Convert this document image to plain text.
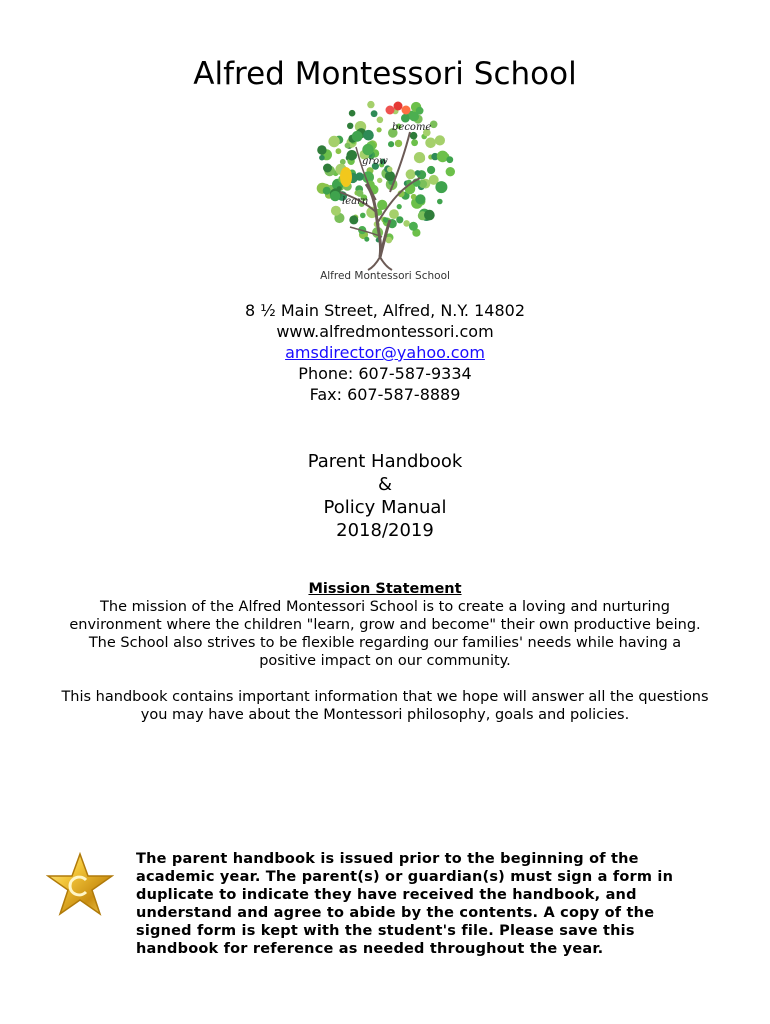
Alfred Montessori School
become
grow
learn
Alfred Montessori School
8 ½ Main Street, Alfred, N.Y. 14802
www.alfredmontessori.com
amsdirector@yahoo.com
Phone: 607-587-9334
Fax: 607-587-8889
Parent Handbook
&
Policy Manual
2018/2019
Mission Statement
The mission of the Alfred Montessori School is to create a loving and nurturing
environment where the children "learn, grow and become" their own productive being.
The School also strives to be flexible regarding our families' needs while having a
positive impact on our community.
This handbook contains important information that we hope will answer all the questions
you may have about the Montessori philosophy, goals and policies.
The parent handbook is issued prior to the beginning of the
academic year. The parent(s) or guardian(s) must sign a form in
duplicate to indicate they have received the handbook, and
understand and agree to abide by the contents. A copy of the
signed form is kept with the student's file. Please save this
handbook for reference as needed throughout the year.
